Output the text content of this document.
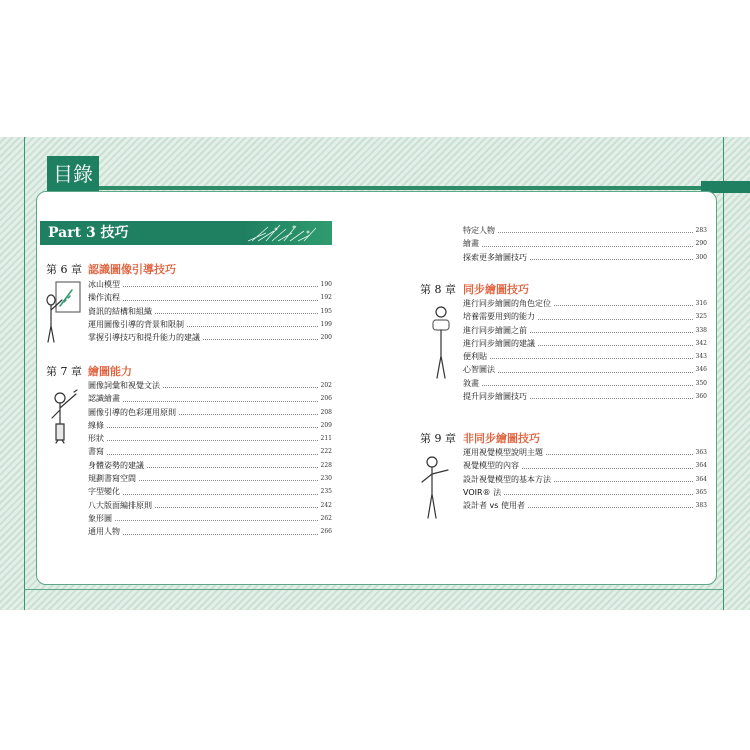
目錄
Part 3 技巧
第 6 章 認識圖像引導技巧
冰山模型	190
操作流程	192
資訊的結構和組織	195
運用圖像引導的背景和限制	199
掌握引導技巧和提升能力的建議	200
第 7 章 繪圖能力
圖像詞彙和視覺文法	202
認識繪畫	206
圖像引導的色彩運用原則	208
線條	209
形狀	211
書寫	222
身體姿勢的建議	228
規劃書寫空間	230
字型變化	235
八大版面編排原則	242
象形圖	262
通用人物	266
特定人物	283
繪畫	290
探索更多繪圖技巧	300
第 8 章 同步繪圖技巧
進行同步繪圖的角色定位	316
培養需要用到的能力	325
進行同步繪圖之前	338
進行同步繪圖的建議	342
便利貼	343
心智圖法	346
敘畫	350
提升同步繪圖技巧	360
第 9 章 非同步繪圖技巧
運用視覺模型說明主題	363
視覺模型的內容	364
設計視覺模型的基本方法	364
VOIR® 法	365
設計者 vs 使用者	383
